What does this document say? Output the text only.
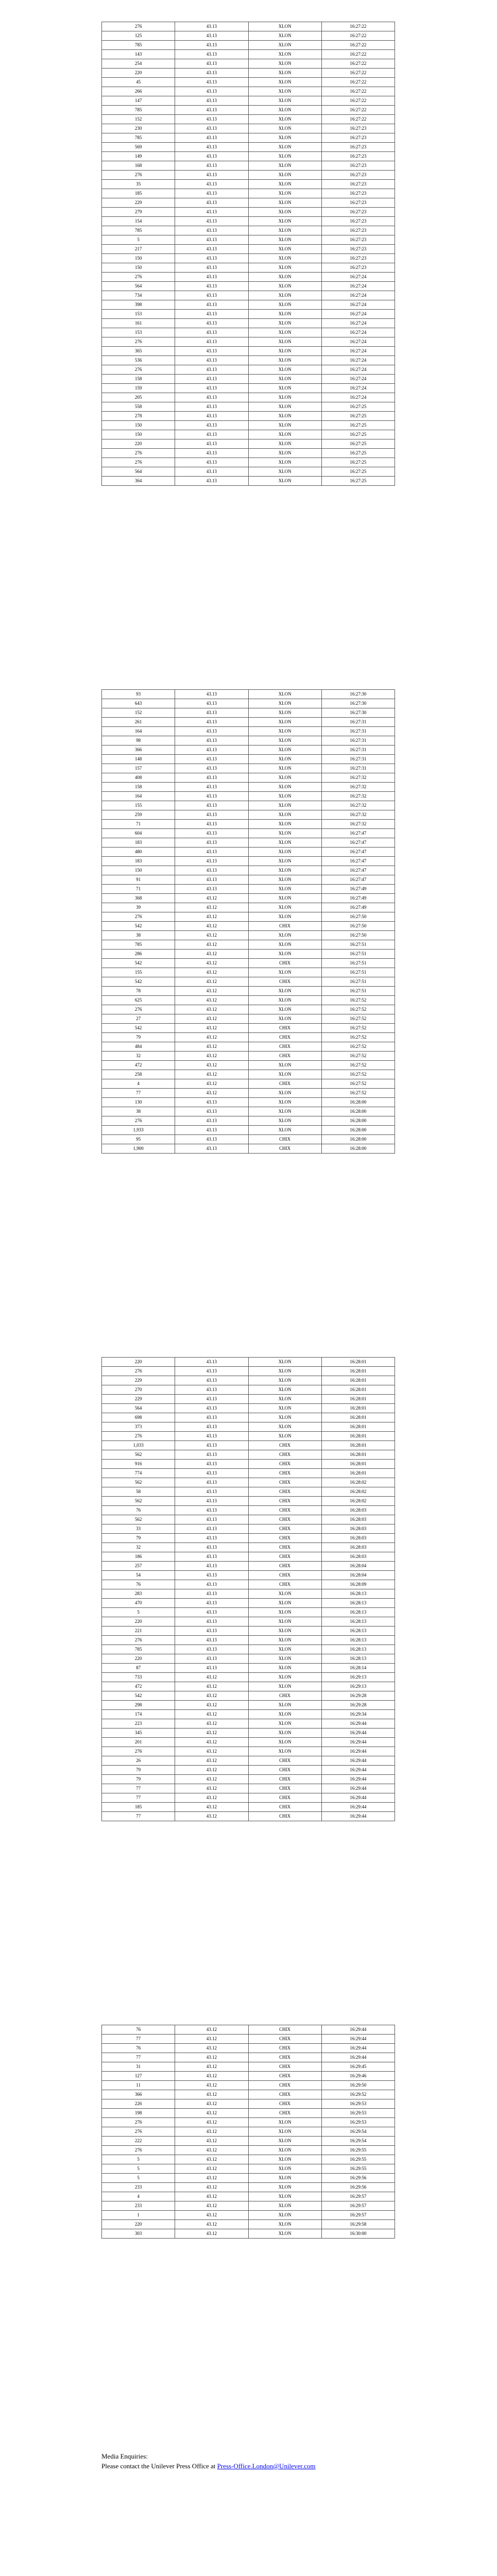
276	43.13	XLON	16:27:22
125	43.13	XLON	16:27:22
785	43.13	XLON	16:27:22
143	43.13	XLON	16:27:22
254	43.13	XLON	16:27:22
220	43.13	XLON	16:27:22
45	43.13	XLON	16:27:22
266	43.13	XLON	16:27:22
147	43.13	XLON	16:27:22
785	43.13	XLON	16:27:22
152	43.13	XLON	16:27:22
230	43.13	XLON	16:27:23
785	43.13	XLON	16:27:23
569	43.13	XLON	16:27:23
149	43.13	XLON	16:27:23
168	43.13	XLON	16:27:23
276	43.13	XLON	16:27:23
35	43.13	XLON	16:27:23
185	43.13	XLON	16:27:23
229	43.13	XLON	16:27:23
279	43.13	XLON	16:27:23
154	43.13	XLON	16:27:23
785	43.13	XLON	16:27:23
5	43.13	XLON	16:27:23
217	43.13	XLON	16:27:23
150	43.13	XLON	16:27:23
150	43.13	XLON	16:27:23
276	43.13	XLON	16:27:24
564	43.13	XLON	16:27:24
734	43.13	XLON	16:27:24
398	43.13	XLON	16:27:24
153	43.13	XLON	16:27:24
161	43.13	XLON	16:27:24
153	43.13	XLON	16:27:24
276	43.13	XLON	16:27:24
365	43.13	XLON	16:27:24
536	43.13	XLON	16:27:24
276	43.13	XLON	16:27:24
158	43.13	XLON	16:27:24
159	43.13	XLON	16:27:24
205	43.13	XLON	16:27:24
558	43.13	XLON	16:27:25
278	43.13	XLON	16:27:25
150	43.13	XLON	16:27:25
150	43.13	XLON	16:27:25
220	43.13	XLON	16:27:25
276	43.13	XLON	16:27:25
276	43.13	XLON	16:27:25
564	43.13	XLON	16:27:25
364	43.13	XLON	16:27:25
93	43.13	XLON	16:27:30
643	43.13	XLON	16:27:30
152	43.13	XLON	16:27:30
261	43.13	XLON	16:27:31
164	43.13	XLON	16:27:31
98	43.13	XLON	16:27:31
366	43.13	XLON	16:27:31
148	43.13	XLON	16:27:31
157	43.13	XLON	16:27:31
408	43.13	XLON	16:27:32
158	43.13	XLON	16:27:32
164	43.13	XLON	16:27:32
155	43.13	XLON	16:27:32
259	43.13	XLON	16:27:32
71	43.13	XLON	16:27:32
604	43.13	XLON	16:27:47
183	43.13	XLON	16:27:47
480	43.13	XLON	16:27:47
183	43.13	XLON	16:27:47
150	43.13	XLON	16:27:47
91	43.13	XLON	16:27:47
71	43.13	XLON	16:27:49
368	43.12	XLON	16:27:49
39	43.12	XLON	16:27:49
276	43.12	XLON	16:27:50
542	43.12	CHIX	16:27:50
38	43.12	XLON	16:27:50
785	43.12	XLON	16:27:51
286	43.12	XLON	16:27:51
542	43.12	CHIX	16:27:51
155	43.12	XLON	16:27:51
542	43.12	CHIX	16:27:51
78	43.12	XLON	16:27:51
625	43.12	XLON	16:27:52
276	43.12	XLON	16:27:52
27	43.12	XLON	16:27:52
542	43.12	CHIX	16:27:52
79	43.12	CHIX	16:27:52
484	43.12	CHIX	16:27:52
32	43.12	CHIX	16:27:52
472	43.12	XLON	16:27:52
258	43.12	XLON	16:27:52
4	43.12	CHIX	16:27:52
77	43.12	XLON	16:27:52
130	43.13	XLON	16:28:00
38	43.13	XLON	16:28:00
276	43.13	XLON	16:28:00
1,933	43.13	XLON	16:28:00
95	43.13	CHIX	16:28:00
1,900	43.13	CHIX	16:28:00
220	43.13	XLON	16:28:01
276	43.13	XLON	16:28:01
229	43.13	XLON	16:28:01
270	43.13	XLON	16:28:01
229	43.13	XLON	16:28:01
564	43.13	XLON	16:28:01
698	43.13	XLON	16:28:01
373	43.13	XLON	16:28:01
276	43.13	XLON	16:28:01
1,033	43.13	CHIX	16:28:01
562	43.13	CHIX	16:28:01
916	43.13	CHIX	16:28:01
774	43.13	CHIX	16:28:01
562	43.13	CHIX	16:28:02
58	43.13	CHIX	16:28:02
562	43.13	CHIX	16:28:02
76	43.13	CHIX	16:28:03
562	43.13	CHIX	16:28:03
33	43.13	CHIX	16:28:03
79	43.13	CHIX	16:28:03
32	43.13	CHIX	16:28:03
186	43.13	CHIX	16:28:03
257	43.13	CHIX	16:28:04
54	43.13	CHIX	16:28:04
76	43.13	CHIX	16:28:09
283	43.13	XLON	16:28:13
470	43.13	XLON	16:28:13
5	43.13	XLON	16:28:13
220	43.13	XLON	16:28:13
221	43.13	XLON	16:28:13
276	43.13	XLON	16:28:13
785	43.13	XLON	16:28:13
220	43.13	XLON	16:28:13
87	43.13	XLON	16:28:14
733	43.12	XLON	16:29:13
472	43.12	XLON	16:29:13
542	43.12	CHIX	16:29:28
298	43.12	XLON	16:29:28
174	43.12	XLON	16:29:34
223	43.12	XLON	16:29:44
345	43.12	XLON	16:29:44
201	43.12	XLON	16:29:44
276	43.12	XLON	16:29:44
26	43.12	CHIX	16:29:44
79	43.12	CHIX	16:29:44
79	43.12	CHIX	16:29:44
77	43.12	CHIX	16:29:44
77	43.12	CHIX	16:29:44
185	43.12	CHIX	16:29:44
77	43.12	CHIX	16:29:44
76	43.12	CHIX	16:29:44
77	43.12	CHIX	16:29:44
76	43.12	CHIX	16:29:44
77	43.12	CHIX	16:29:44
31	43.12	CHIX	16:29:45
127	43.12	CHIX	16:29:46
11	43.12	CHIX	16:29:50
366	43.12	CHIX	16:29:52
226	43.12	CHIX	16:29:53
198	43.12	CHIX	16:29:53
276	43.12	XLON	16:29:53
276	43.12	XLON	16:29:54
222	43.12	XLON	16:29:54
276	43.12	XLON	16:29:55
5	43.12	XLON	16:29:55
5	43.12	XLON	16:29:55
5	43.12	XLON	16:29:56
233	43.12	XLON	16:29:56
4	43.12	XLON	16:29:57
233	43.12	XLON	16:29:57
1	43.12	XLON	16:29:57
220	43.12	XLON	16:29:58
303	43.12	XLON	16:30:00
Media Enquiries:
Please contact the Unilever Press Office at Press-Office.London@Unilever.com
